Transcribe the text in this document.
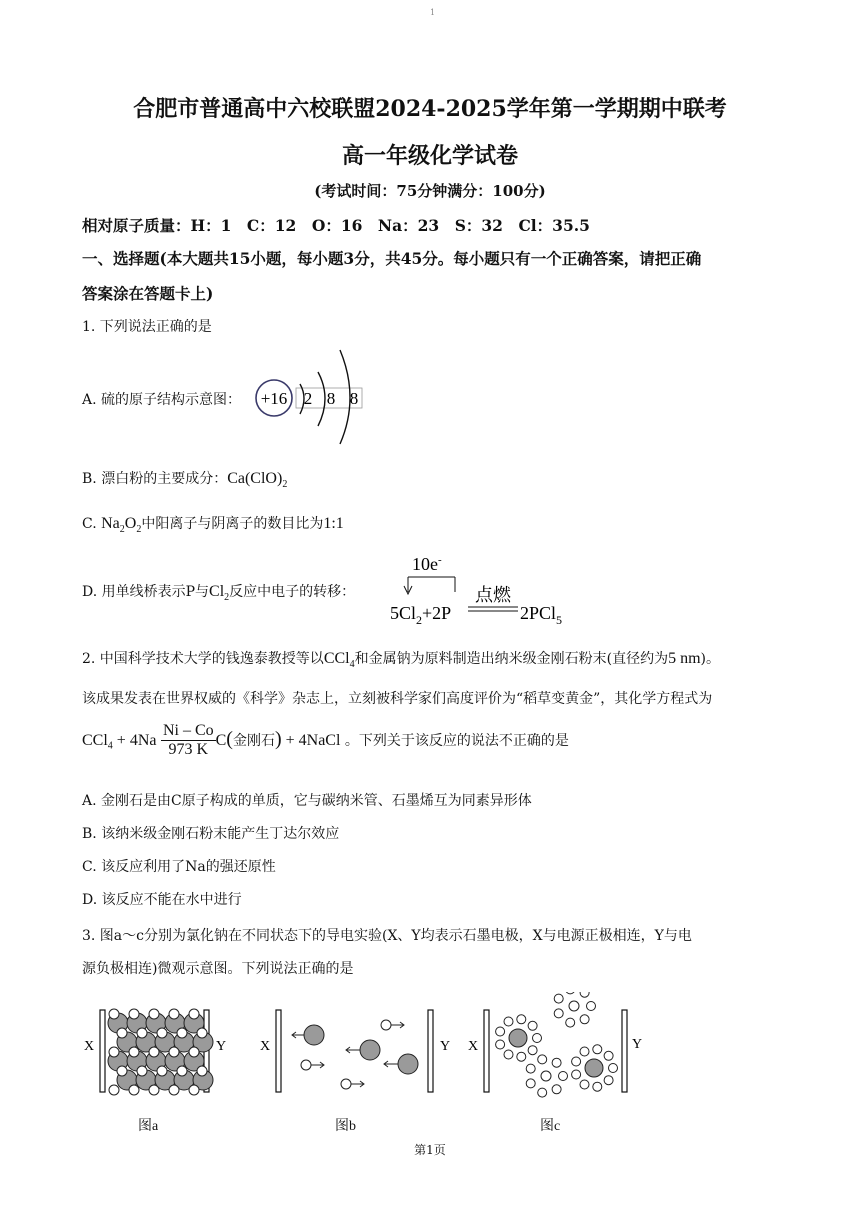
1
合肥市普通高中六校联盟2024-2025学年第一学期期中联考
高一年级化学试卷
(考试时间：75分钟满分：100分)
相对原子质量：H：1　C：12　O：16　Na：23　S：32　Cl：35.5
一、选择题(本大题共15小题，每小题3分，共45分。每小题只有一个正确答案，请把正确
答案涂在答题卡上)
1. 下列说法正确的是
A. 硫的原子结构示意图： +16 2 8 8
B. 漂白粉的主要成分：$Ca(ClO)_2$
C. $Na_2O_2$中阳离子与阴离子的数目比为1:1
D. 用单线桥表示P与$Cl_2$反应中电子的转移：
10e-
$5Cl_2+2P$
点燃
2PCl$_5$
2. 中国科学技术大学的钱逸泰教授等以CCl$_4$和金属钠为原料制造出纳米级金刚石粉末(直径约为5 nm)。
该成果发表在世界权威的《科学》杂志上，立刻被科学家们高度评价为“稻草变黄金”，其化学方程式为
$CCl_4 + 4Na \frac{Ni - Co}{973 K} C$(金刚石) + 4NaCl 。下列关于该反应的说法不正确的是
A. 金刚石是由C原子构成的单质，它与碳纳米管、石墨烯互为同素异形体
B. 该纳米级金刚石粉末能产生丁达尔效应
C. 该反应利用了Na的强还原性
D. 该反应不能在水中进行
3. 图a～c分别为氯化钠在不同状态下的导电实验(X、Y均表示石墨电极，X与电源正极相连，Y与电
源负极相连)微观示意图。下列说法正确的是
X	Y X	Y X	Y
图a	图b	图c
第1页
